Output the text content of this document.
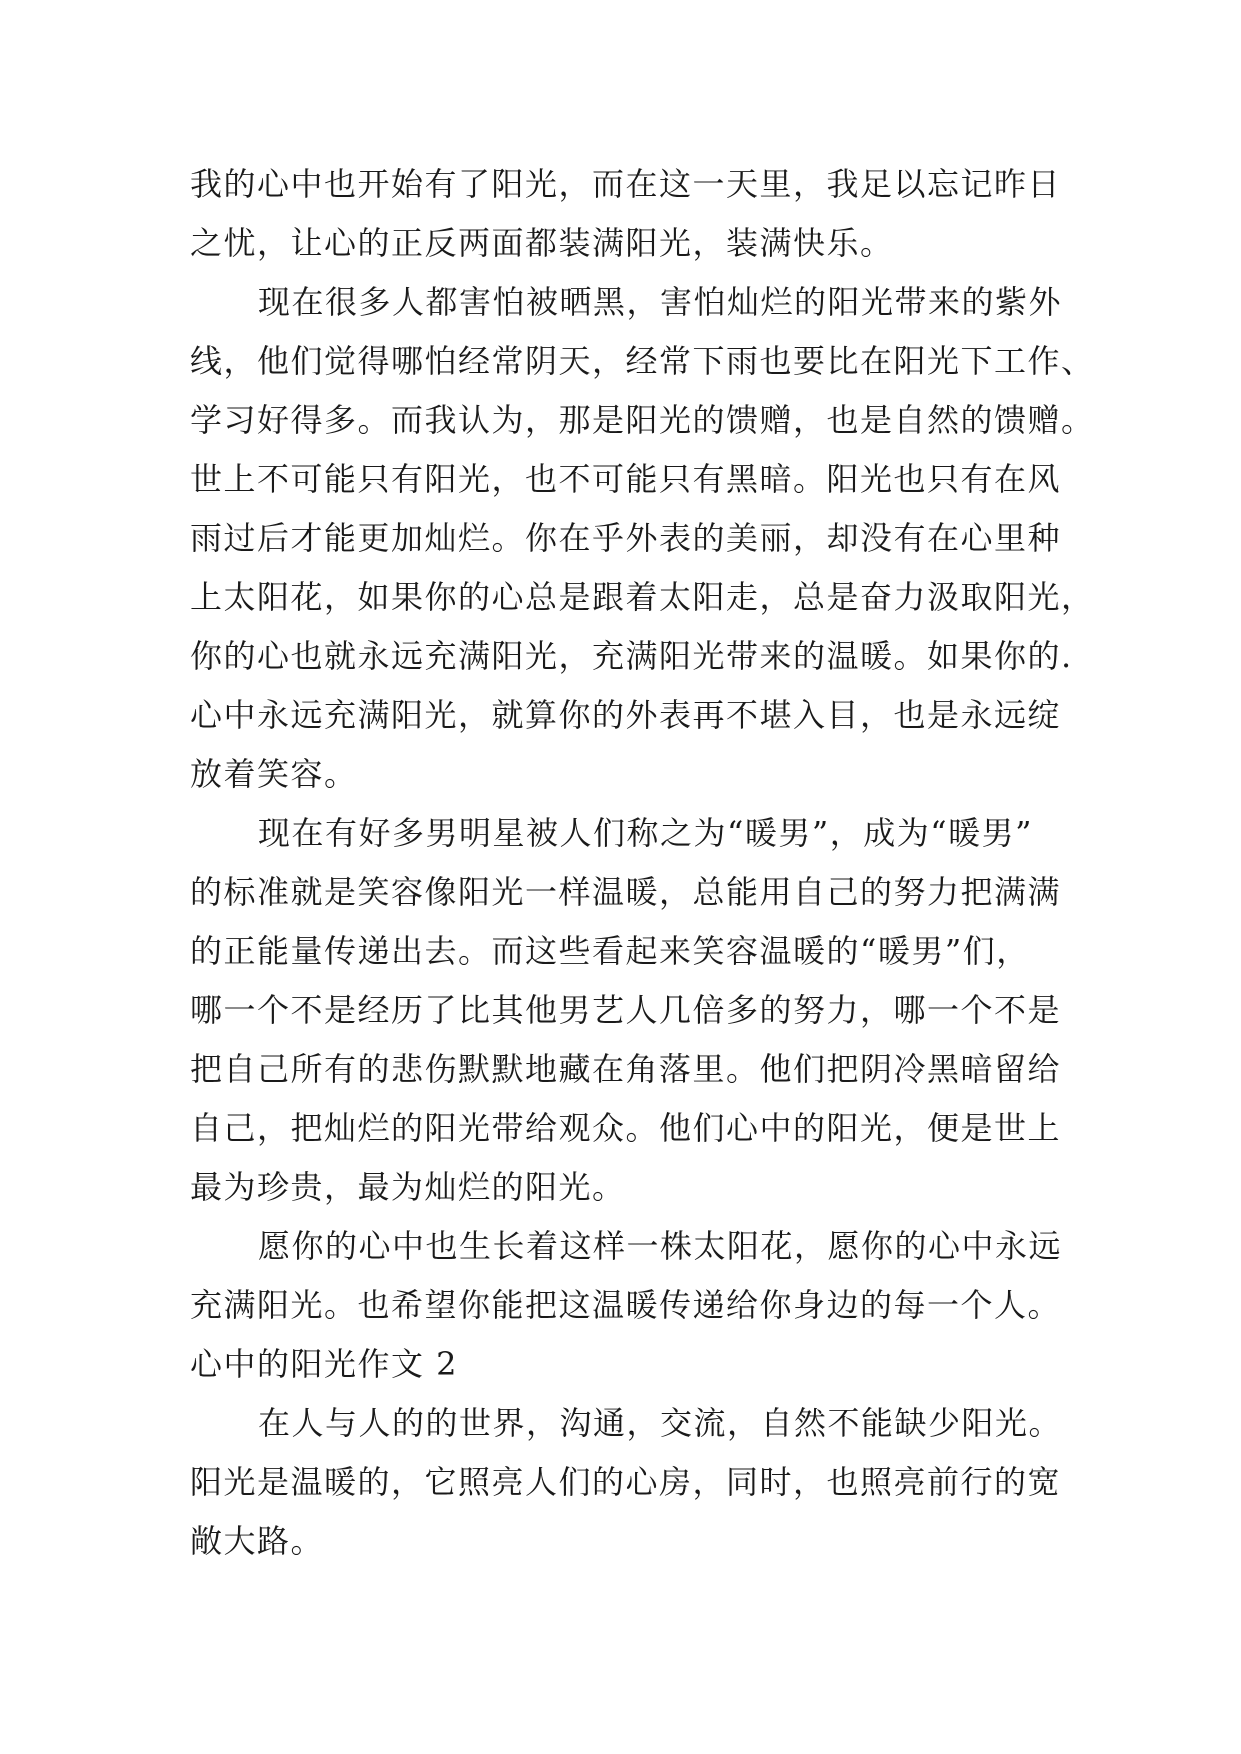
我的心中也开始有了阳光，而在这一天里，我足以忘记昨日
之忧，让心的正反两面都装满阳光，装满快乐。
现在很多人都害怕被晒黑，害怕灿烂的阳光带来的紫外
线，他们觉得哪怕经常阴天，经常下雨也要比在阳光下工作、
学习好得多。而我认为，那是阳光的馈赠，也是自然的馈赠。
世上不可能只有阳光，也不可能只有黑暗。阳光也只有在风
雨过后才能更加灿烂。你在乎外表的美丽，却没有在心里种
上太阳花，如果你的心总是跟着太阳走，总是奋力汲取阳光，
你的心也就永远充满阳光，充满阳光带来的温暖。如果你的.
心中永远充满阳光，就算你的外表再不堪入目，也是永远绽
放着笑容。
现在有好多男明星被人们称之为“暖男”，成为“暖男”
的标准就是笑容像阳光一样温暖，总能用自己的努力把满满
的正能量传递出去。而这些看起来笑容温暖的“暖男”们，
哪一个不是经历了比其他男艺人几倍多的努力，哪一个不是
把自己所有的悲伤默默地藏在角落里。他们把阴冷黑暗留给
自己，把灿烂的阳光带给观众。他们心中的阳光，便是世上
最为珍贵，最为灿烂的阳光。
愿你的心中也生长着这样一株太阳花，愿你的心中永远
充满阳光。也希望你能把这温暖传递给你身边的每一个人。
心中的阳光作文 2
在人与人的的世界，沟通，交流，自然不能缺少阳光。
阳光是温暖的，它照亮人们的心房，同时，也照亮前行的宽
敞大路。
